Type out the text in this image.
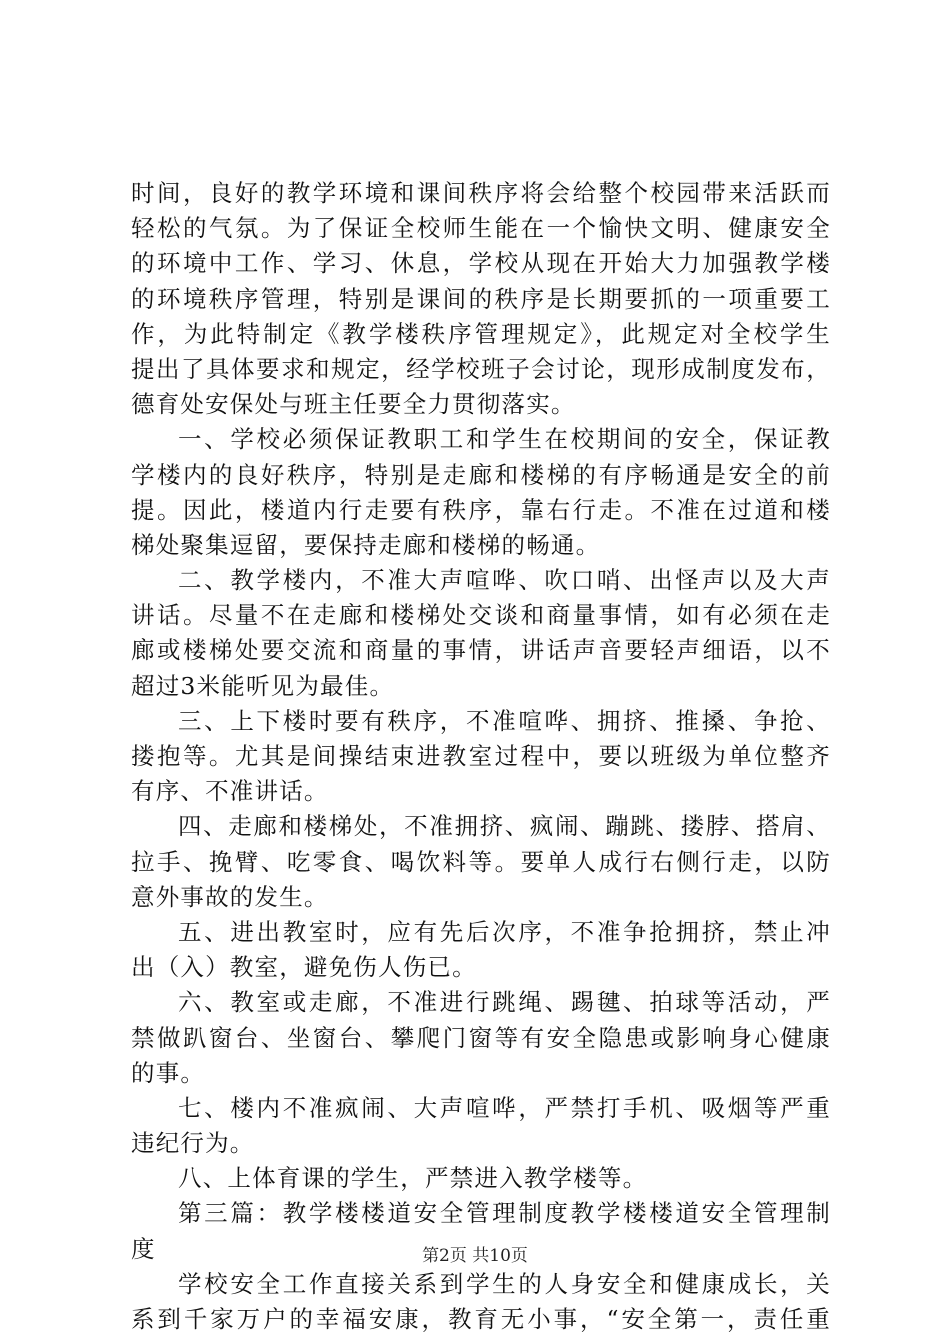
时间，良好的教学环境和课间秩序将会给整个校园带来活跃而
轻松的气氛。为了保证全校师生能在一个愉快文明、健康安全
的环境中工作、学习、休息，学校从现在开始大力加强教学楼
的环境秩序管理，特别是课间的秩序是长期要抓的一项重要工
作，为此特制定《教学楼秩序管理规定》，此规定对全校学生
提出了具体要求和规定，经学校班子会讨论，现形成制度发布，
德育处安保处与班主任要全力贯彻落实。
一、学校必须保证教职工和学生在校期间的安全，保证教
学楼内的良好秩序，特别是走廊和楼梯的有序畅通是安全的前
提。因此，楼道内行走要有秩序，靠右行走。不准在过道和楼
梯处聚集逗留，要保持走廊和楼梯的畅通。
二、教学楼内，不准大声喧哗、吹口哨、出怪声以及大声
讲话。尽量不在走廊和楼梯处交谈和商量事情，如有必须在走
廊或楼梯处要交流和商量的事情，讲话声音要轻声细语，以不
超过3米能听见为最佳。
三、上下楼时要有秩序，不准喧哗、拥挤、推搡、争抢、
搂抱等。尤其是间操结束进教室过程中，要以班级为单位整齐
有序、不准讲话。
四、走廊和楼梯处，不准拥挤、疯闹、蹦跳、搂脖、搭肩、
拉手、挽臂、吃零食、喝饮料等。要单人成行右侧行走，以防
意外事故的发生。
五、进出教室时，应有先后次序，不准争抢拥挤，禁止冲
出（入）教室，避免伤人伤已。
六、教室或走廊，不准进行跳绳、踢毽、拍球等活动，严
禁做趴窗台、坐窗台、攀爬门窗等有安全隐患或影响身心健康
的事。
七、楼内不准疯闹、大声喧哗，严禁打手机、吸烟等严重
违纪行为。
八、上体育课的学生，严禁进入教学楼等。
第三篇：教学楼楼道安全管理制度教学楼楼道安全管理制
度
学校安全工作直接关系到学生的人身安全和健康成长，关
系到千家万户的幸福安康，教育无小事，“安全第一，责任重
第2页 共10页
